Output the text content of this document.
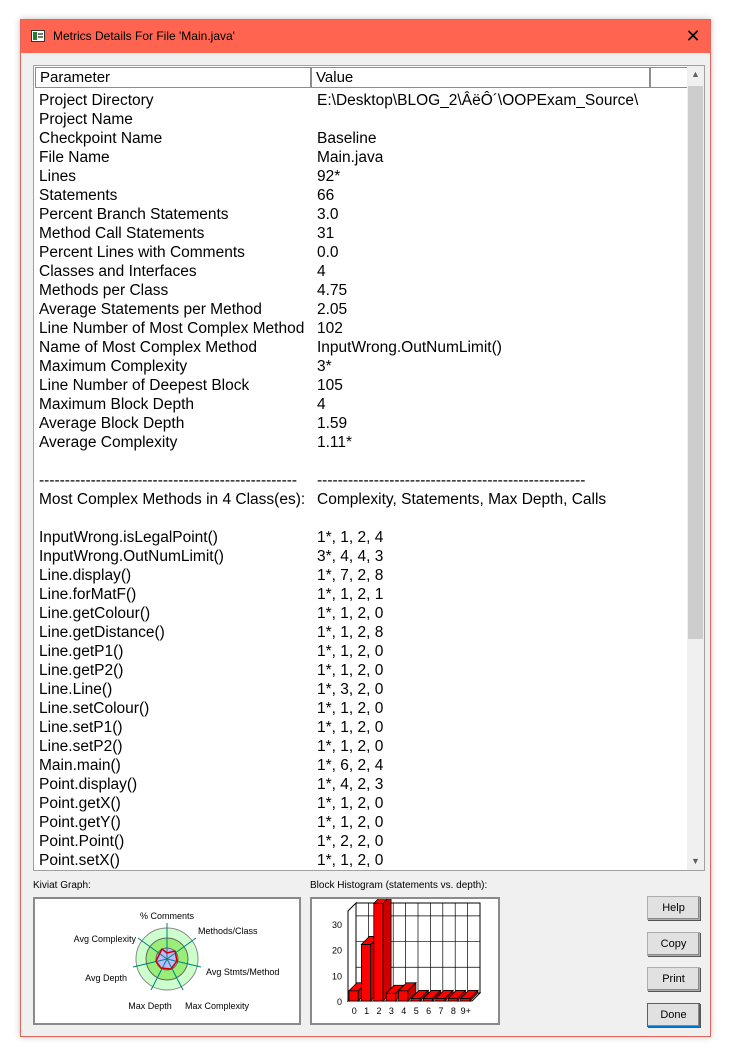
Metrics Details For File 'Main.java'	✕
Parameter	Value
Project Directory	E:\Desktop\BLOG_2\ÂëÔ´\OOPExam_Source\
Project Name
Checkpoint Name	Baseline
File Name	Main.java
Lines	92*
Statements	66
Percent Branch Statements	3.0
Method Call Statements	31
Percent Lines with Comments	0.0
Classes and Interfaces	4
Methods per Class	4.75
Average Statements per Method	2.05
Line Number of Most Complex Method 102
Name of Most Complex Method	InputWrong.OutNumLimit()
Maximum Complexity	3*
Line Number of Deepest Block	105
Maximum Block Depth	4
Average Block Depth	1.59
Average Complexity	1.11*
-------------------------------------------------- ----------------------------------------------------
Most Complex Methods in 4 Class(es): Complexity, Statements, Max Depth, Calls
InputWrong.isLegalPoint()	1*, 1, 2, 4
InputWrong.OutNumLimit()	3*, 4, 4, 3
Line.display()	1*, 7, 2, 8
Line.forMatF()	1*, 1, 2, 1
Line.getColour()	1*, 1, 2, 0
Line.getDistance()	1*, 1, 2, 8
Line.getP1()	1*, 1, 2, 0
Line.getP2()	1*, 1, 2, 0
Line.Line()	1*, 3, 2, 0
Line.setColour()	1*, 1, 2, 0
Line.setP1()	1*, 1, 2, 0
Line.setP2()	1*, 1, 2, 0
Main.main()	1*, 6, 2, 4
Point.display()	1*, 4, 2, 3
Point.getX()	1*, 1, 2, 0
Point.getY()	1*, 1, 2, 0
Point.Point()	1*, 2, 2, 0
Point.setX()	1*, 1, 2, 0
▲
▼
Kiviat Graph:	Block Histogram (statements vs. depth):
% Comments
Methods/Class
Avg Stmts/Method
Max Complexity
Max Depth
Avg Depth
Avg Complexity
0
10
20
30
0 1 2 3 4 5 6 7 8 9+
Help
Copy
Print
Done
